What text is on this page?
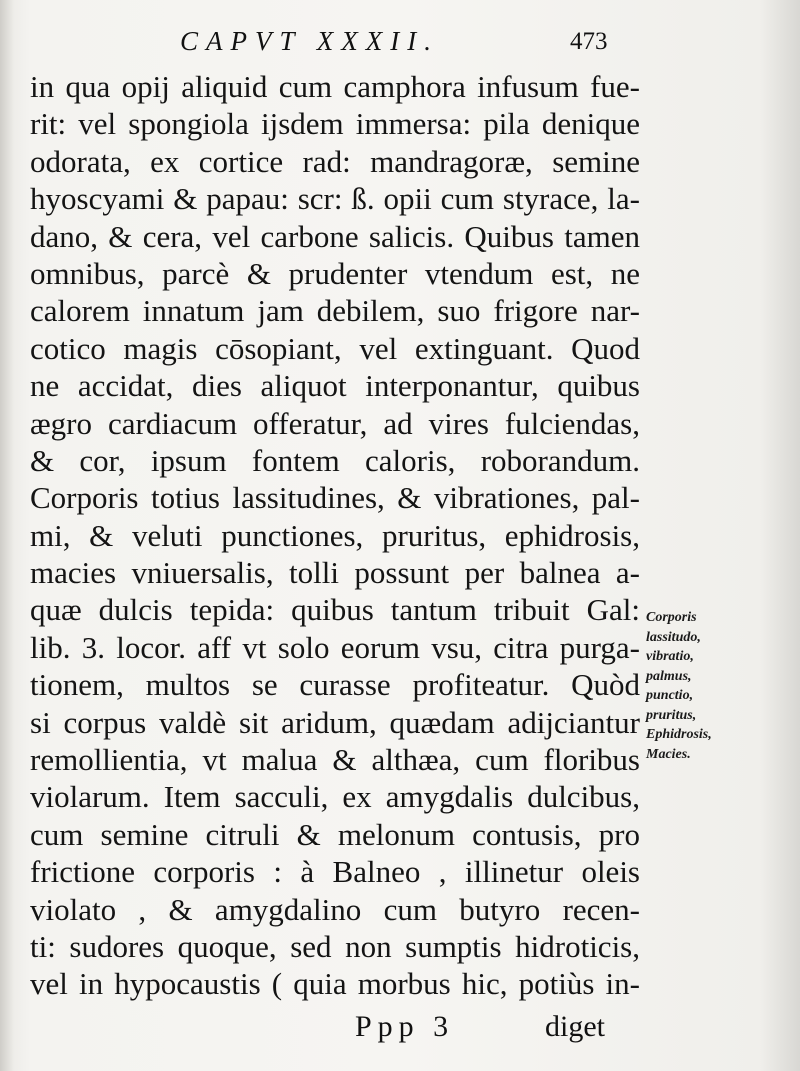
CAPVT XXXII.	473
in qua opij aliquid cum camphora infusum fue-
rit: vel spongiola ijsdem immersa: pila denique
odorata, ex cortice rad: mandragoræ, semine
hyoscyami & papau: scr: ß. opii cum styrace, la-
dano, & cera, vel carbone salicis. Quibus tamen
omnibus, parcè & prudenter vtendum est, ne
calorem innatum jam debilem, suo frigore nar-
cotico magis cōsopiant, vel extinguant. Quod
ne accidat, dies aliquot interponantur, quibus
ægro cardiacum offeratur, ad vires fulciendas,
& cor, ipsum fontem caloris, roborandum.
Corporis totius lassitudines, & vibrationes, pal-
mi, & veluti punctiones, pruritus, ephidrosis,
macies vniuersalis, tolli possunt per balnea a-
quæ dulcis tepida: quibus tantum tribuit Gal:
lib. 3. locor. aff vt solo eorum vsu, citra purga-
tionem, multos se curasse profiteatur. Quòd
si corpus valdè sit aridum, quædam adijciantur
remollientia, vt malua & althæa, cum floribus
violarum. Item sacculi, ex amygdalis dulcibus,
cum semine citruli & melonum contusis, pro
frictione corporis : à Balneo , illinetur oleis
violato , & amygdalino cum butyro recen-
ti: sudores quoque, sed non sumptis hidroticis,
vel in hypocaustis ( quia morbus hic, potiùs in-
Corporis
lassitudo,
vibratio,
palmus,
punctio,
pruritus,
Ephidrosis,
Macies.
Ppp 3	diget
